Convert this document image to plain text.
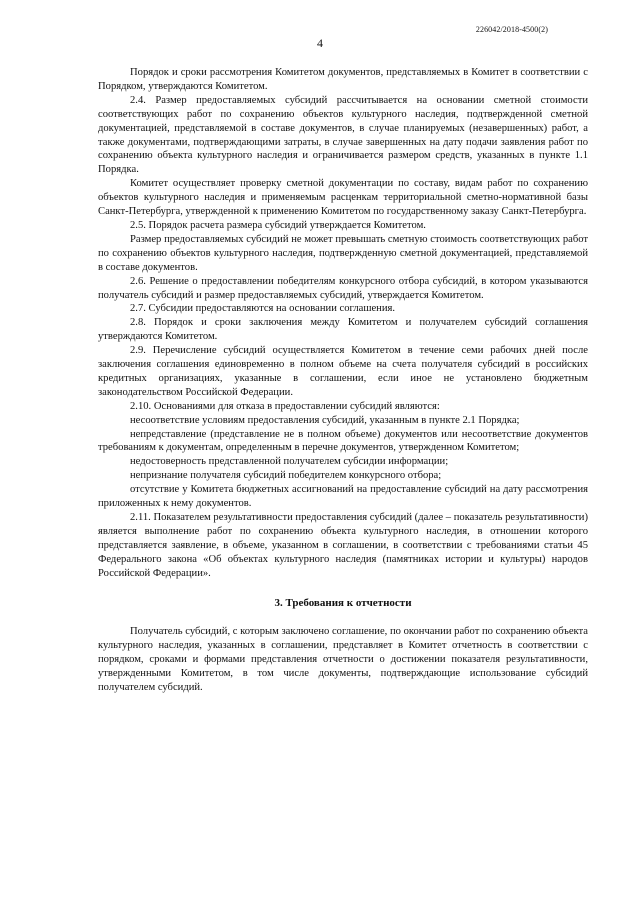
226042/2018-4500(2)
4

Порядок и сроки рассмотрения Комитетом документов, представляемых в Комитет в соответствии с Порядком, утверждаются Комитетом.

2.4. Размер предоставляемых субсидий рассчитывается на основании сметной стоимости соответствующих работ по сохранению объектов культурного наследия, подтвержденной сметной документацией, представляемой в составе документов, в случае планируемых (незавершенных) работ, а также документами, подтверждающими затраты, в случае завершенных на дату подачи заявления работ по сохранению объекта культурного наследия и ограничивается размером средств, указанных в пункте 1.1 Порядка.

Комитет осуществляет проверку сметной документации по составу, видам работ по сохранению объектов культурного наследия и применяемым расценкам территориальной сметно-нормативной базы Санкт-Петербурга, утвержденной к применению Комитетом по государственному заказу Санкт-Петербурга.

2.5. Порядок расчета размера субсидий утверждается Комитетом.

Размер предоставляемых субсидий не может превышать сметную стоимость соответствующих работ по сохранению объектов культурного наследия, подтвержденную сметной документацией, представляемой в составе документов.

2.6. Решение о предоставлении победителям конкурсного отбора субсидий, в котором указываются получатель субсидий и размер предоставляемых субсидий, утверждается Комитетом.

2.7. Субсидии предоставляются на основании соглашения.

2.8. Порядок и сроки заключения между Комитетом и получателем субсидий соглашения утверждаются Комитетом.

2.9. Перечисление субсидий осуществляется Комитетом в течение семи рабочих дней после заключения соглашения единовременно в полном объеме на счета получателя субсидий в российских кредитных организациях, указанные в соглашении, если иное не установлено бюджетным законодательством Российской Федерации.

2.10. Основаниями для отказа в предоставлении субсидий являются:

несоответствие условиям предоставления субсидий, указанным в пункте 2.1 Порядка;

непредставление (представление не в полном объеме) документов или несоответствие документов требованиям к документам, определенным в перечне документов, утвержденном Комитетом;

недостоверность представленной получателем субсидии информации;

непризнание получателя субсидий победителем конкурсного отбора;

отсутствие у Комитета бюджетных ассигнований на предоставление субсидий на дату рассмотрения приложенных к нему документов.

2.11. Показателем результативности предоставления субсидий (далее – показатель результативности) является выполнение работ по сохранению объекта культурного наследия, в отношении которого представляется заявление, в объеме, указанном в соглашении, в соответствии с требованиями статьи 45 Федерального закона «Об объектах культурного наследия (памятниках истории и культуры) народов Российской Федерации».

3. Требования к отчетности

Получатель субсидий, с которым заключено соглашение, по окончании работ по сохранению объекта культурного наследия, указанных в соглашении, представляет в Комитет отчетность в соответствии с порядком, сроками и формами представления отчетности о достижении показателя результативности, утвержденными Комитетом, в том числе документы, подтверждающие использование субсидий получателем субсидий.
